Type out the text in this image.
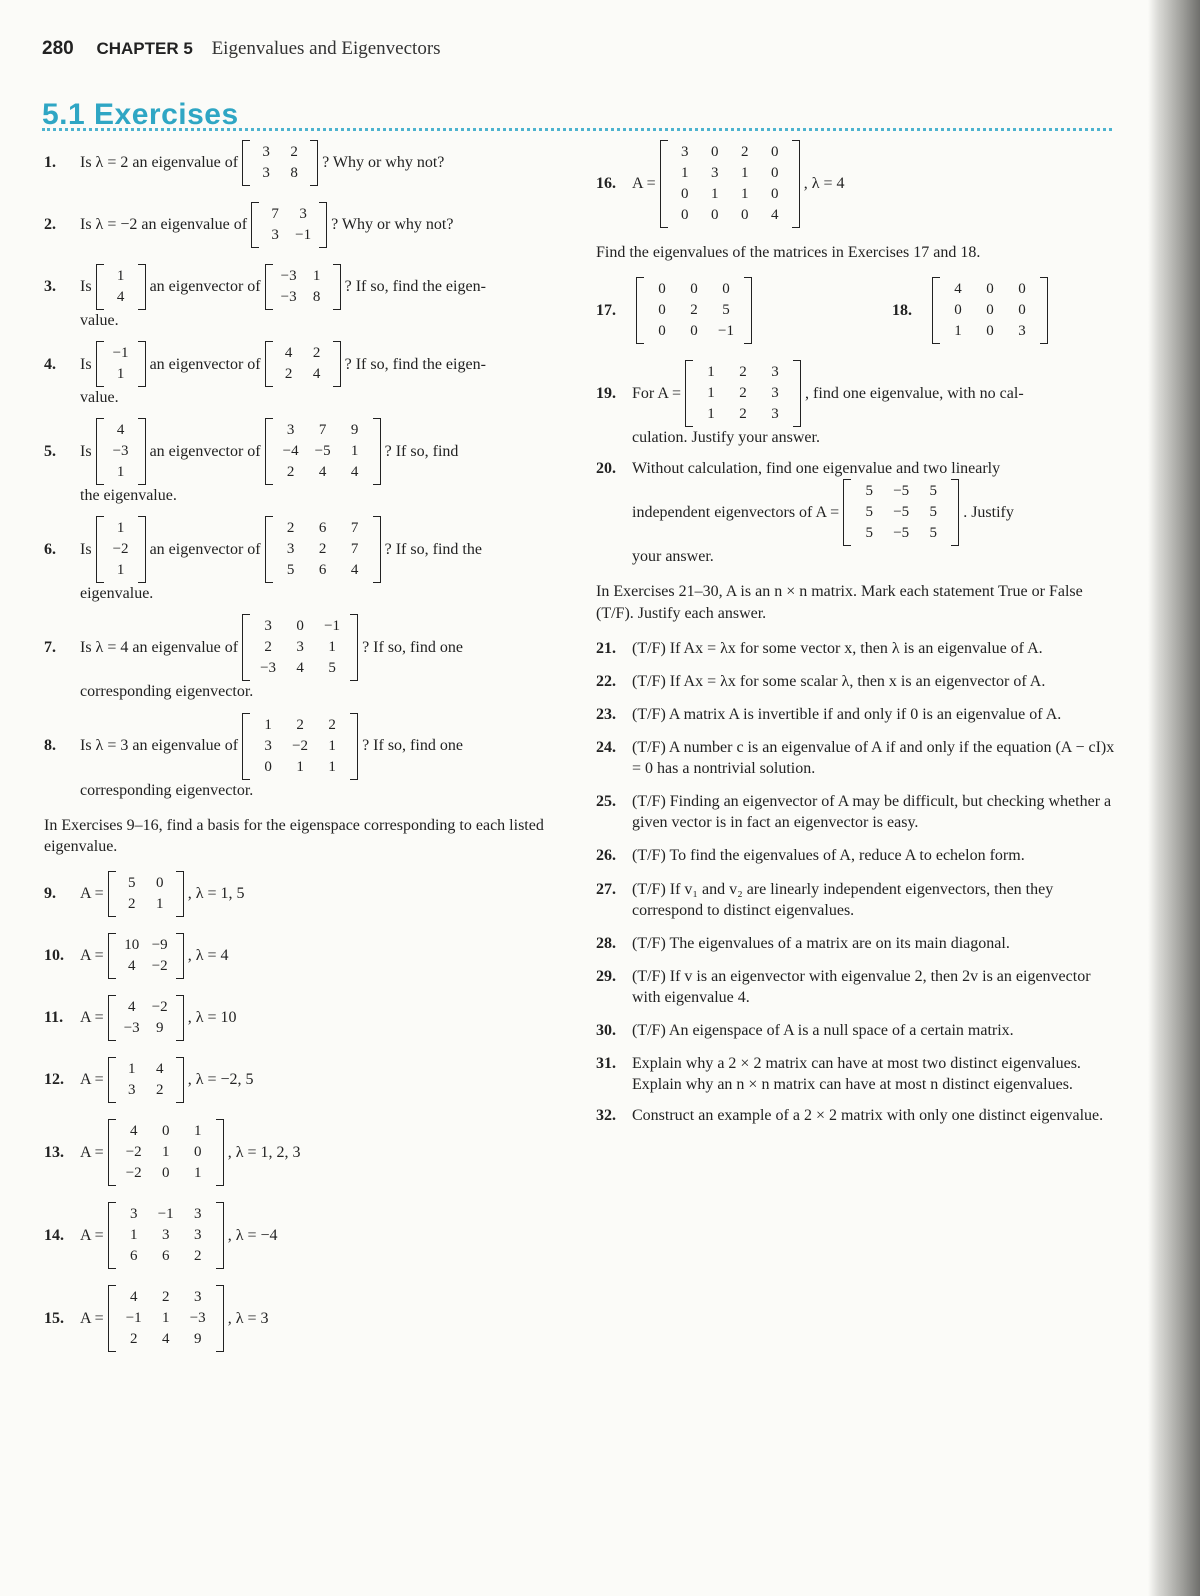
280 CHAPTER 5 Eigenvalues and Eigenvectors
5.1 Exercises
1.	Is λ = 2 an eigenvalue of
3	2
3	8
? Why or why not?
2.	Is λ = −2 an eigenvalue of
7	3
3	−1
? Why or why not?
3.	Is
1
4
an eigenvector of
−3	1
−3	8
? If so, find the eigen-
value.
4.	Is
−1
1
an eigenvector of
4	2
2	4
? If so, find the eigen-
value.
5.	Is
4
−3
1
an eigenvector of
3	7	9
−4	−5	1
2	4	4
? If so, find
the eigenvalue.
6.	Is
1
−2
1
an eigenvector of
2	6	7
3	2	7
5	6	4
? If so, find the
eigenvalue.
7.	Is λ = 4 an eigenvalue of
3	0	−1
2	3	1
−3	4	5
? If so, find one
corresponding eigenvector.
8.	Is λ = 3 an eigenvalue of
1	2	2
3	−2	1
0	1	1
? If so, find one
corresponding eigenvector.
In Exercises 9–16, find a basis for the eigenspace corresponding to each listed eigenvalue.
9.	A =
5	0
2	1
, λ = 1, 5
10.	A =
10 −9
4	−2
, λ = 4
11.	A =
4	−2
−3	9
, λ = 10
12.	A =
1	4
3	2
, λ = −2, 5
13.	A =
4	0	1
−2	1	0
−2	0	1
, λ = 1, 2, 3
14.	A =
3	−1	3
1	3	3
6	6	2
, λ = −4
15.	A =
4	2	3
−1	1	−3
2	4	9
, λ = 3
16.	A =
3	0	2	0
1	3	1	0
0	1	1	0
0	0	0	4
, λ = 4
Find the eigenvalues of the matrices in Exercises 17 and 18.
17.
0	0	0
0	2	5
0	0	−1
18.
4	0	0
0	0	0
1	0	3
19.	For A =
1	2	3
1	2	3
1	2	3
, find one eigenvalue, with no cal-
culation. Justify your answer.
20.	Without calculation, find one eigenvalue and two linearly
independent eigenvectors of A =
5	−5	5
5	−5	5
5	−5	5
. Justify
your answer.
In Exercises 21–30, A is an n × n matrix. Mark each statement True or False (T/F). Justify each answer.
21.	(T/F) If Ax = λx for some vector x, then λ is an eigenvalue of A.
22.	(T/F) If Ax = λx for some scalar λ, then x is an eigenvector of A.
23.	(T/F) A matrix A is invertible if and only if 0 is an eigenvalue of A.
24.	(T/F) A number c is an eigenvalue of A if and only if the equation (A − cI)x = 0 has a nontrivial solution.
25.	(T/F) Finding an eigenvector of A may be difficult, but checking whether a given vector is in fact an eigenvector is easy.
26.	(T/F) To find the eigenvalues of A, reduce A to echelon form.
27.	(T/F) If v₁ and v₂ are linearly independent eigenvectors, then they correspond to distinct eigenvalues.
28.	(T/F) The eigenvalues of a matrix are on its main diagonal.
29.	(T/F) If v is an eigenvector with eigenvalue 2, then 2v is an eigenvector with eigenvalue 4.
30.	(T/F) An eigenspace of A is a null space of a certain matrix.
31.	Explain why a 2 × 2 matrix can have at most two distinct eigenvalues. Explain why an n × n matrix can have at most n distinct eigenvalues.
32.	Construct an example of a 2 × 2 matrix with only one distinct eigenvalue.
